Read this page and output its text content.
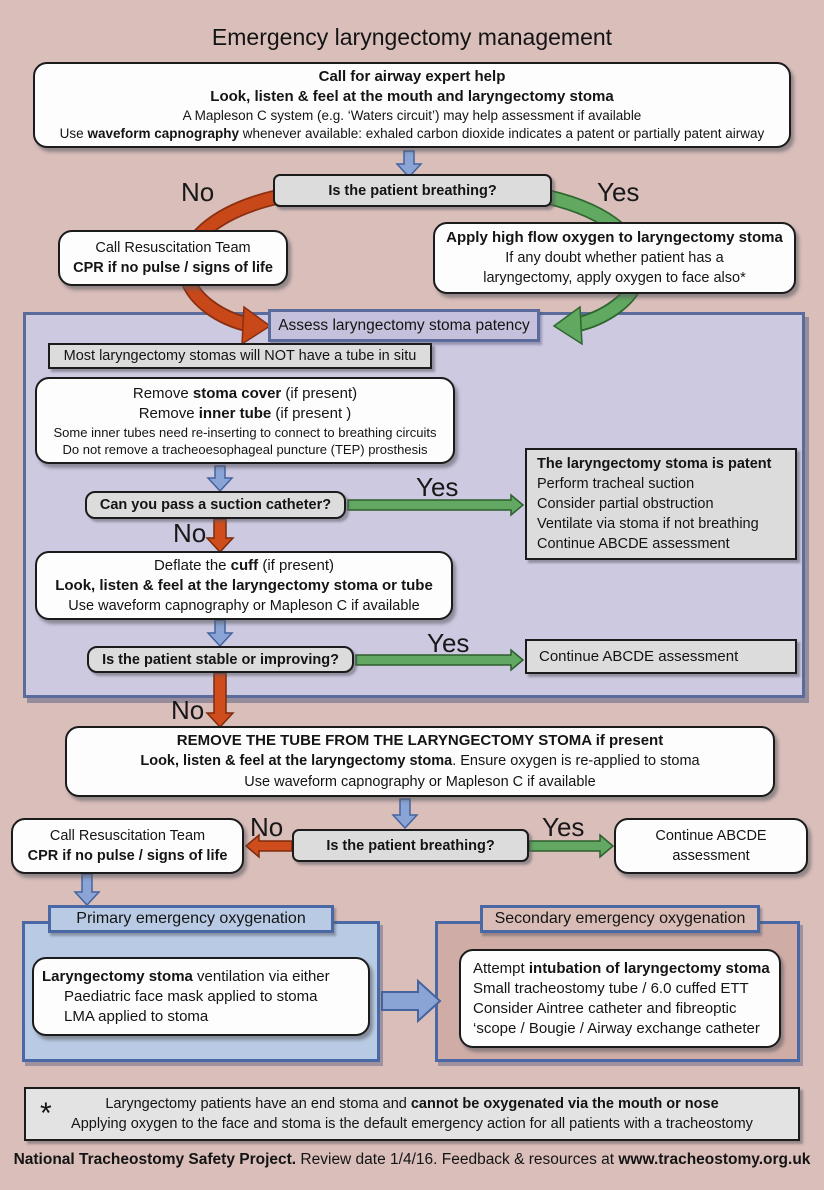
Emergency laryngectomy management
Call for airway expert help
Look, listen & feel at the mouth and laryngectomy stoma
A Mapleson C system (e.g. ‘Waters circuit’) may help assessment if available
Use waveform capnography whenever available: exhaled carbon dioxide indicates a patent or partially patent airway
Is the patient breathing?
No	Yes
Call Resuscitation Team
CPR if no pulse / signs of life
Apply high flow oxygen to laryngectomy stoma
If any doubt whether patient has a
laryngectomy, apply oxygen to face also*
Assess laryngectomy stoma patency
Most laryngectomy stomas will NOT have a tube in situ
Remove stoma cover (if present)
Remove inner tube (if present )
Some inner tubes need re-inserting to connect to breathing circuits
Do not remove a tracheoesophageal puncture (TEP) prosthesis
Can you pass a suction catheter?
Yes
No
The laryngectomy stoma is patent
Perform tracheal suction
Consider partial obstruction
Ventilate via stoma if not breathing
Continue ABCDE assessment
Deflate the cuff (if present)
Look, listen & feel at the laryngectomy stoma or tube
Use waveform capnography or Mapleson C if available
Is the patient stable or improving?
Yes
No
Continue ABCDE assessment
REMOVE THE TUBE FROM THE LARYNGECTOMY STOMA if present
Look, listen & feel at the laryngectomy stoma. Ensure oxygen is re-applied to stoma
Use waveform capnography or Mapleson C if available
Is the patient breathing?
No	Yes
Call Resuscitation Team
CPR if no pulse / signs of life
Continue ABCDE
assessment
Primary emergency oxygenation
Laryngectomy stoma ventilation via either
Paediatric face mask applied to stoma
LMA applied to stoma
Secondary emergency oxygenation
Attempt intubation of laryngectomy stoma
Small tracheostomy tube / 6.0 cuffed ETT
Consider Aintree catheter and fibreoptic
‘scope / Bougie / Airway exchange catheter
*	Laryngectomy patients have an end stoma and cannot be oxygenated via the mouth or nose
Applying oxygen to the face and stoma is the default emergency action for all patients with a tracheostomy
National Tracheostomy Safety Project. Review date 1/4/16. Feedback & resources at www.tracheostomy.org.uk
